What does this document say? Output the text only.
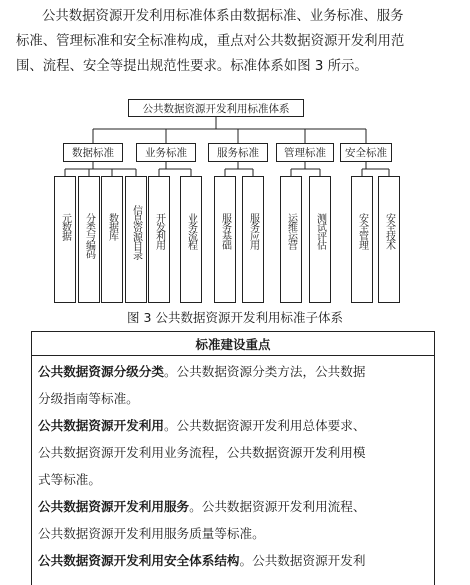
公共数据资源开发利用标准体系由数据标准、业务标准、服务

标准、管理标准和安全标准构成，重点对公共数据资源开发利用范

围、流程、安全等提出规范性要求。标准体系如图 3 所示。

公共数据资源开发利用标准体系
数据标准	业务标准	服务标准 管理标准 安全标准
元数据 分类与编码 数据库 信息资源目录 开发利用 业务流程 服务基础 服务应用	运维运营 测试评估	安全管理 安全技术
图 3 公共数据资源开发利用标准子体系
标准建设重点

公共数据资源分级分类。公共数据资源分类方法，公共数据

分级指南等标准。

公共数据资源开发利用。公共数据资源开发利用总体要求、

公共数据资源开发利用业务流程，公共数据资源开发利用模

式等标准。

公共数据资源开发利用服务。公共数据资源开发利用流程、

公共数据资源开发利用服务质量等标准。

公共数据资源开发利用安全体系结构。公共数据资源开发利
